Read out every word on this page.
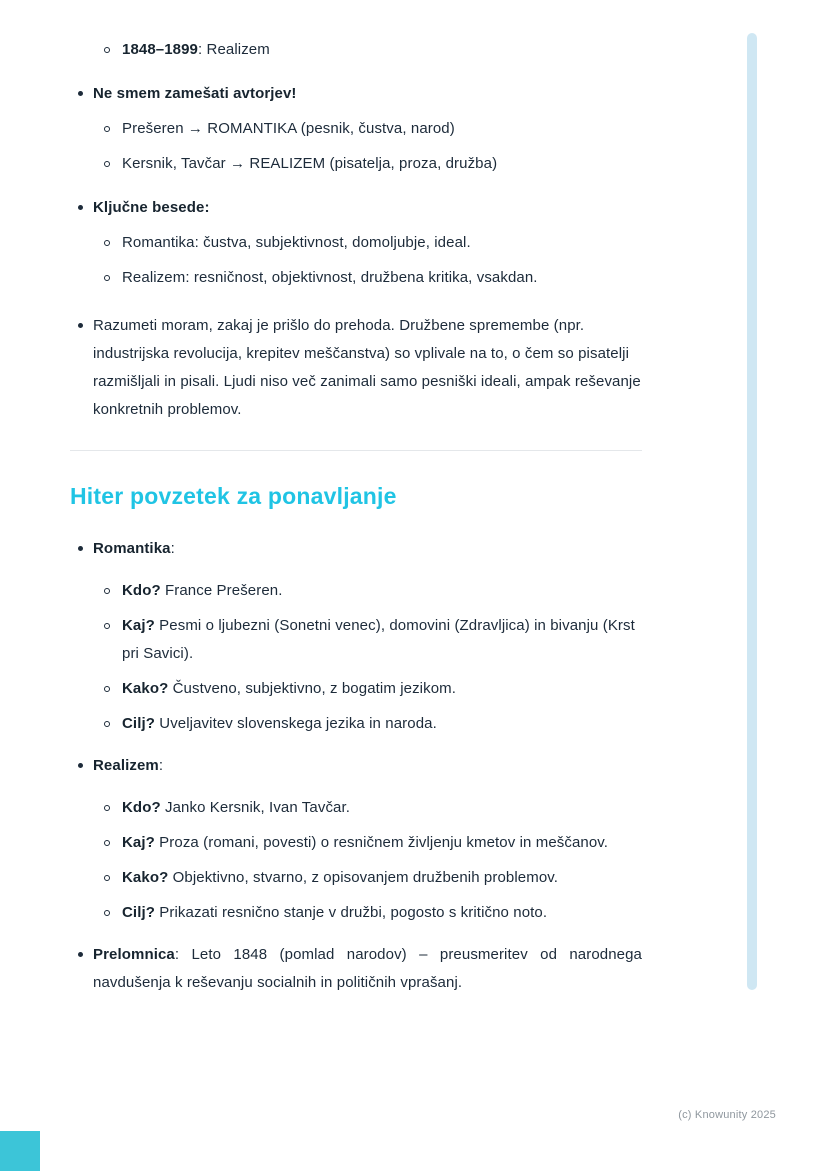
1848–1899: Realizem

Ne smem zamešati avtorjev!

Prešeren → ROMANTIKA (pesnik, čustva, narod)

Kersnik, Tavčar → REALIZEM (pisatelja, proza, družba)

Ključne besede:

Romantika: čustva, subjektivnost, domoljubje, ideal.

Realizem: resničnost, objektivnost, družbena kritika, vsakdan.

Razumeti moram, zakaj je prišlo do prehoda. Družbene spremembe (npr. industrijska revolucija, krepitev meščanstva) so vplivale na to, o čem so pisatelji razmišljali in pisali. Ljudi niso več zanimali samo pesniški ideali, ampak reševanje konkretnih problemov.

Hiter povzetek za ponavljanje

Romantika:

Kdo? France Prešeren.

Kaj? Pesmi o ljubezni (Sonetni venec), domovini (Zdravljica) in bivanju (Krst pri Savici).

Kako? Čustveno, subjektivno, z bogatim jezikom.

Cilj? Uveljavitev slovenskega jezika in naroda.

Realizem:

Kdo? Janko Kersnik, Ivan Tavčar.

Kaj? Proza (romani, povesti) o resničnem življenju kmetov in meščanov.

Kako? Objektivno, stvarno, z opisovanjem družbenih problemov.

Cilj? Prikazati resnično stanje v družbi, pogosto s kritično noto.

Prelomnica: Leto 1848 (pomlad narodov) – preusmeritev od narodnega navdušenja k reševanju socialnih in političnih vprašanj.

(c) Knowunity 2025
